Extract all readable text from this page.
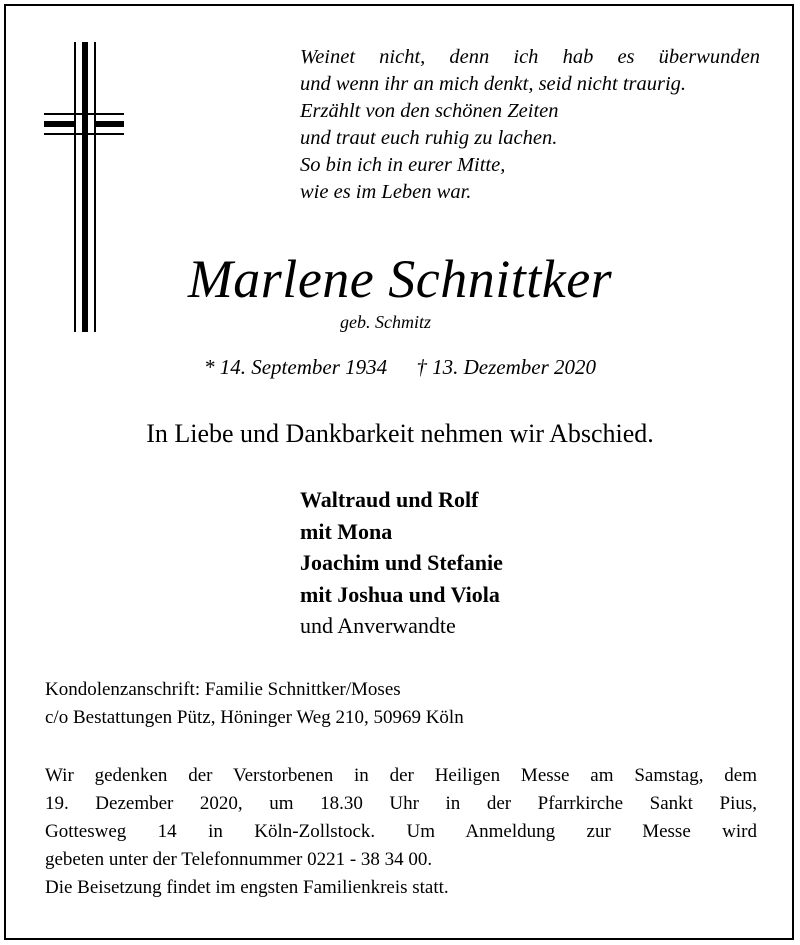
Weinet nicht, denn ich hab es überwunden
und wenn ihr an mich denkt, seid nicht traurig.
Erzählt von den schönen Zeiten
und traut euch ruhig zu lachen.
So bin ich in eurer Mitte,
wie es im Leben war.
Marlene Schnittker
geb. Schmitz
* 14. September 1934 † 13. Dezember 2020
In Liebe und Dankbarkeit nehmen wir Abschied.
Waltraud und Rolf
mit Mona
Joachim und Stefanie
mit Joshua und Viola
und Anverwandte
Kondolenzanschrift: Familie Schnittker/Moses
c/o Bestattungen Pütz, Höninger Weg 210, 50969 Köln
Wir gedenken der Verstorbenen in der Heiligen Messe am Samstag, dem
19. Dezember 2020, um 18.30 Uhr in der Pfarrkirche Sankt Pius,
Gottesweg 14 in Köln-Zollstock. Um Anmeldung zur Messe wird
gebeten unter der Telefonnummer 0221 - 38 34 00.
Die Beisetzung findet im engsten Familienkreis statt.
